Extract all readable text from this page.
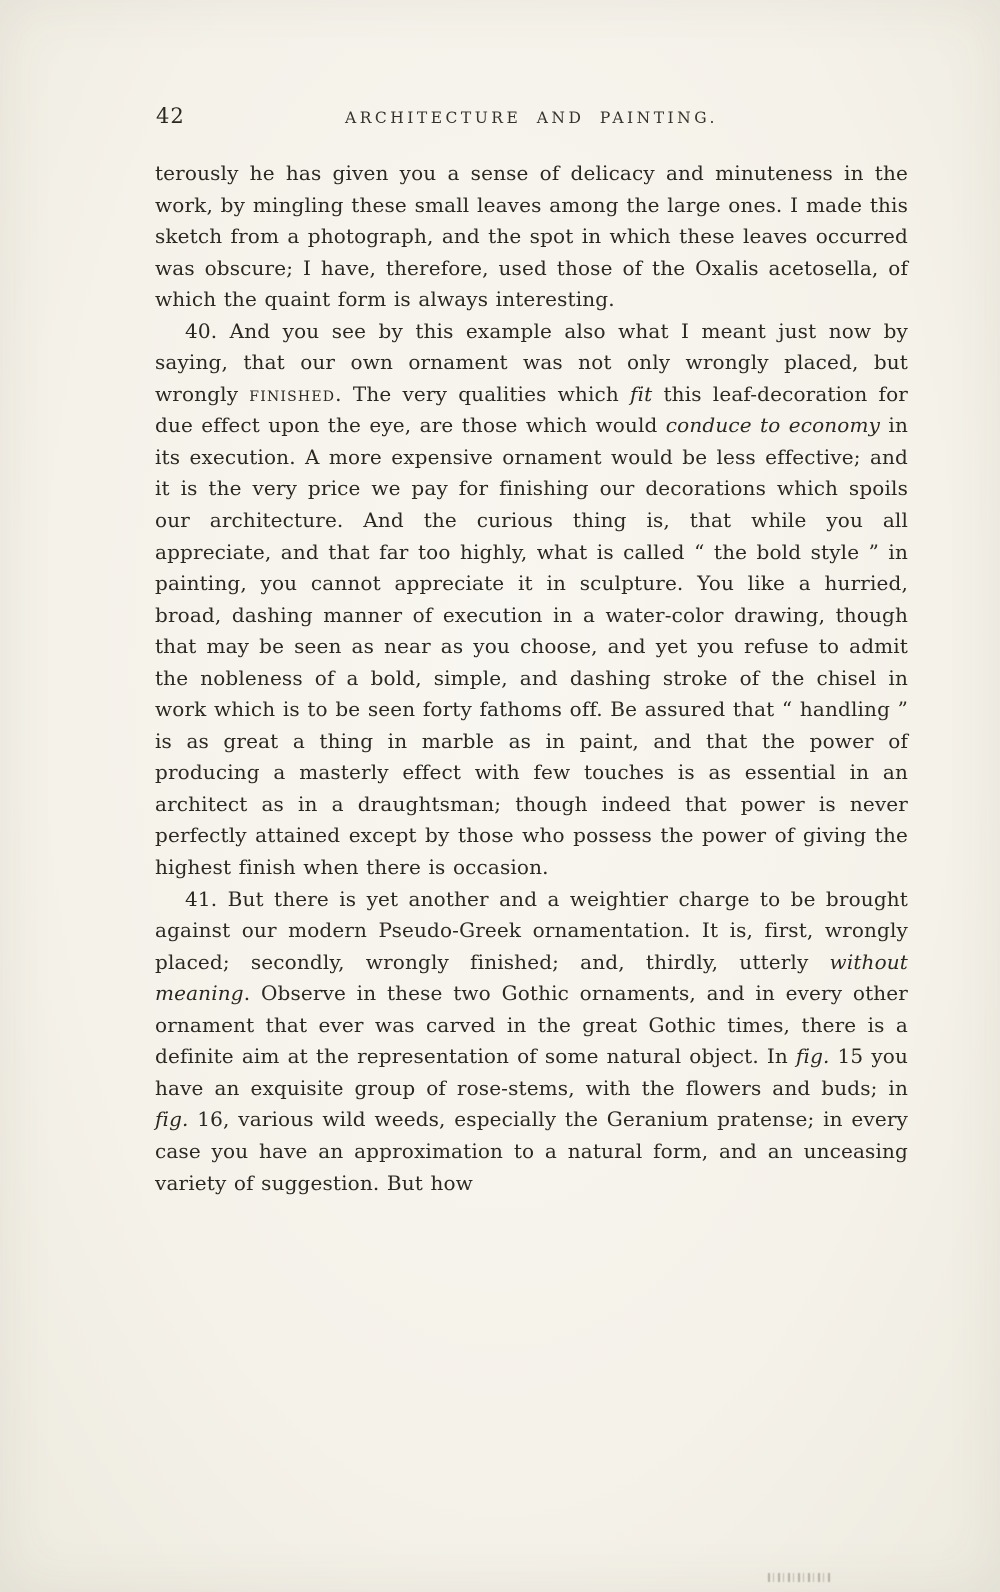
42	ARCHITECTURE AND PAINTING.

terously he has given you a sense of delicacy and minuteness in the work, by mingling these small leaves among the large ones. I made this sketch from a photograph, and the spot in which these leaves occurred was obscure; I have, therefore, used those of the Oxalis acetosella, of which the quaint form is always interesting.

40. And you see by this example also what I meant just now by saying, that our own ornament was not only wrongly placed, but wrongly finished. The very qualities which fit this leaf-decoration for due effect upon the eye, are those which would conduce to economy in its execution. A more expensive ornament would be less effective; and it is the very price we pay for finishing our decorations which spoils our architecture. And the curious thing is, that while you all appreciate, and that far too highly, what is called “ the bold style ” in painting, you cannot appreciate it in sculpture. You like a hurried, broad, dashing manner of execution in a water-color drawing, though that may be seen as near as you choose, and yet you refuse to admit the nobleness of a bold, simple, and dashing stroke of the chisel in work which is to be seen forty fathoms off. Be assured that “ handling ” is as great a thing in marble as in paint, and that the power of producing a masterly effect with few touches is as essential in an architect as in a draughtsman; though indeed that power is never perfectly attained except by those who possess the power of giving the highest finish when there is occasion.

41. But there is yet another and a weightier charge to be brought against our modern Pseudo-Greek ornamentation. It is, first, wrongly placed; secondly, wrongly finished; and, thirdly, utterly without meaning. Observe in these two Gothic ornaments, and in every other ornament that ever was carved in the great Gothic times, there is a definite aim at the representation of some natural object. In fig. 15 you have an exquisite group of rose-stems, with the flowers and buds; in fig. 16, various wild weeds, especially the Geranium pratense; in every case you have an approximation to a natural form, and an unceasing variety of suggestion. But how
